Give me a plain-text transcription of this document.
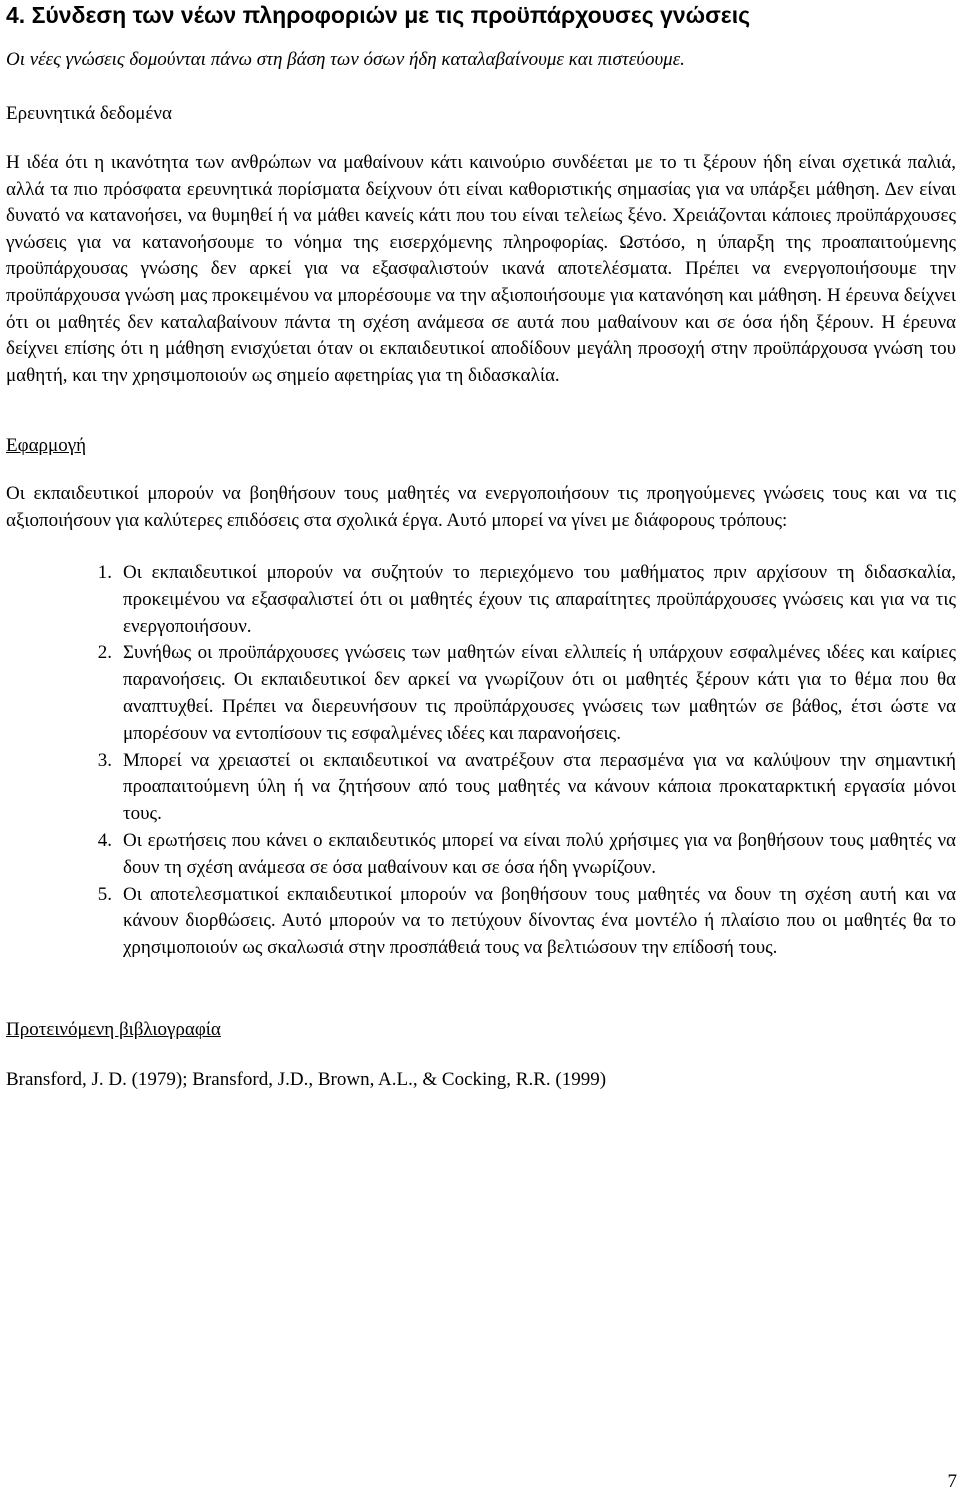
4. Σύνδεση των νέων πληροφοριών με τις προϋπάρχουσες γνώσεις

Οι νέες γνώσεις δομούνται πάνω στη βάση των όσων ήδη καταλαβαίνουμε και πιστεύουμε.

Ερευνητικά δεδομένα

Η ιδέα ότι η ικανότητα των ανθρώπων να μαθαίνουν κάτι καινούριο συνδέεται με το τι ξέρουν ήδη είναι σχετικά παλιά, αλλά τα πιο πρόσφατα ερευνητικά πορίσματα δείχνουν ότι είναι καθοριστικής σημασίας για να υπάρξει μάθηση. Δεν είναι δυνατό να κατανοήσει, να θυμηθεί ή να μάθει κανείς κάτι που του είναι τελείως ξένο. Χρειάζονται κάποιες προϋπάρχουσες γνώσεις για να κατανοήσουμε το νόημα της εισερχόμενης πληροφορίας. Ωστόσο, η ύπαρξη της προαπαιτούμενης προϋπάρχουσας γνώσης δεν αρκεί για να εξασφαλιστούν ικανά αποτελέσματα. Πρέπει να ενεργοποιήσουμε την προϋπάρχουσα γνώση μας προκειμένου να μπορέσουμε να την αξιοποιήσουμε για κατανόηση και μάθηση. Η έρευνα δείχνει ότι οι μαθητές δεν καταλαβαίνουν πάντα τη σχέση ανάμεσα σε αυτά που μαθαίνουν και σε όσα ήδη ξέρουν. Η έρευνα δείχνει επίσης ότι η μάθηση ενισχύεται όταν οι εκπαιδευτικοί αποδίδουν μεγάλη προσοχή στην προϋπάρχουσα γνώση του μαθητή, και την χρησιμοποιούν ως σημείο αφετηρίας για τη διδασκαλία.

Εφαρμογή

Οι εκπαιδευτικοί μπορούν να βοηθήσουν τους μαθητές να ενεργοποιήσουν τις προηγούμενες γνώσεις τους και να τις αξιοποιήσουν για καλύτερες επιδόσεις στα σχολικά έργα. Αυτό μπορεί να γίνει με διάφορους τρόπους:

1. Οι εκπαιδευτικοί μπορούν να συζητούν το περιεχόμενο του μαθήματος πριν αρχίσουν τη διδασκαλία, προκειμένου να εξασφαλιστεί ότι οι μαθητές έχουν τις απαραίτητες προϋπάρχουσες γνώσεις και για να τις ενεργοποιήσουν.
2. Συνήθως οι προϋπάρχουσες γνώσεις των μαθητών είναι ελλιπείς ή υπάρχουν εσφαλμένες ιδέες και καίριες παρανοήσεις. Οι εκπαιδευτικοί δεν αρκεί να γνωρίζουν ότι οι μαθητές ξέρουν κάτι για το θέμα που θα αναπτυχθεί. Πρέπει να διερευνήσουν τις προϋπάρχουσες γνώσεις των μαθητών σε βάθος, έτσι ώστε να μπορέσουν να εντοπίσουν τις εσφαλμένες ιδέες και παρανοήσεις.
3. Μπορεί να χρειαστεί οι εκπαιδευτικοί να ανατρέξουν στα περασμένα για να καλύψουν την σημαντική προαπαιτούμενη ύλη ή να ζητήσουν από τους μαθητές να κάνουν κάποια προκαταρκτική εργασία μόνοι τους.
4. Οι ερωτήσεις που κάνει ο εκπαιδευτικός μπορεί να είναι πολύ χρήσιμες για να βοηθήσουν τους μαθητές να δουν τη σχέση ανάμεσα σε όσα μαθαίνουν και σε όσα ήδη γνωρίζουν.
5. Οι αποτελεσματικοί εκπαιδευτικοί μπορούν να βοηθήσουν τους μαθητές να δουν τη σχέση αυτή και να κάνουν διορθώσεις. Αυτό μπορούν να το πετύχουν δίνοντας ένα μοντέλο ή πλαίσιο που οι μαθητές θα το χρησιμοποιούν ως σκαλωσιά στην προσπάθειά τους να βελτιώσουν την επίδοσή τους.

Προτεινόμενη βιβλιογραφία

Bransford, J. D. (1979); Bransford, J.D., Brown, A.L., & Cocking, R.R. (1999)

7
